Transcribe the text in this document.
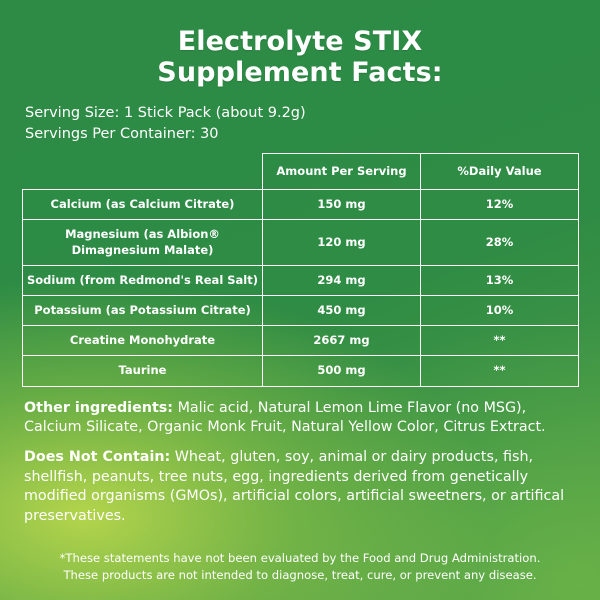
Electrolyte STIX
Supplement Facts:
Serving Size: 1 Stick Pack (about 9.2g)
Servings Per Container: 30
	Amount Per Serving	%Daily Value
Calcium (as Calcium Citrate)	150 mg	12%
Magnesium (as Albion® Dimagnesium Malate)	120 mg	28%
Sodium (from Redmond's Real Salt)	294 mg	13%
Potassium (as Potassium Citrate)	450 mg	10%
Creatine Monohydrate	2667 mg	**
Taurine	500 mg	**
Other ingredients: Malic acid, Natural Lemon Lime Flavor (no MSG), Calcium Silicate, Organic Monk Fruit, Natural Yellow Color, Citrus Extract.
Does Not Contain: Wheat, gluten, soy, animal or dairy products, fish, shellfish, peanuts, tree nuts, egg, ingredients derived from genetically modified organisms (GMOs), artificial colors, artificial sweetners, or artifical preservatives.
*These statements have not been evaluated by the Food and Drug Administration.
These products are not intended to diagnose, treat, cure, or prevent any disease.
